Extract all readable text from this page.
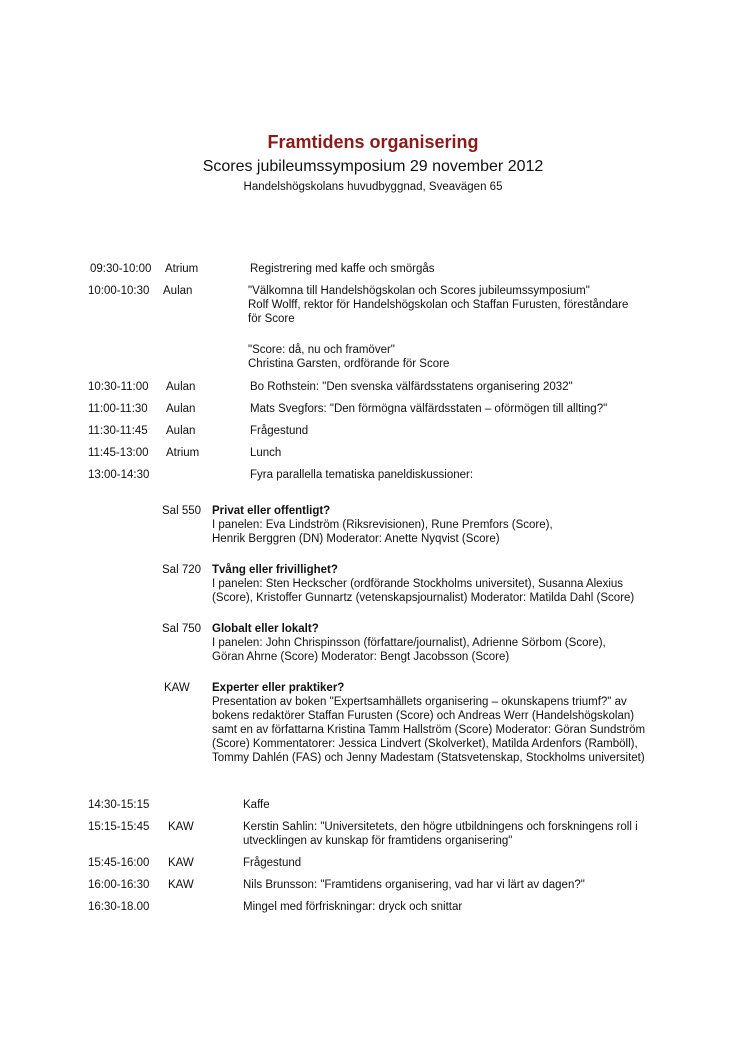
Framtidens organisering
Scores jubileumssymposium 29 november 2012
Handelshögskolans huvudbyggnad, Sveavägen 65
09:30-10:00 Atrium	Registrering med kaffe och smörgås
10:00-10:30 Aulan	"Välkomna till Handelshögskolan och Scores jubileumssymposium"
Rolf Wolff, rektor för Handelshögskolan och Staffan Furusten, föreståndare
för Score
"Score: då, nu och framöver"
Christina Garsten, ordförande för Score
10:30-11:00 Aulan	Bo Rothstein: "Den svenska välfärdsstatens organisering 2032"
11:00-11:30 Aulan	Mats Svegfors: "Den förmögna välfärdsstaten – oförmögen till allting?"
11:30-11:45 Aulan	Frågestund
11:45-13:00 Atrium	Lunch
13:00-14:30	Fyra parallella tematiska paneldiskussioner:
Sal 550 Privat eller offentligt?
I panelen: Eva Lindström (Riksrevisionen), Rune Premfors (Score),
Henrik Berggren (DN) Moderator: Anette Nyqvist (Score)
Sal 720 Tvång eller frivillighet?
I panelen: Sten Heckscher (ordförande Stockholms universitet), Susanna Alexius
(Score), Kristoffer Gunnartz (vetenskapsjournalist) Moderator: Matilda Dahl (Score)
Sal 750 Globalt eller lokalt?
I panelen: John Chrispinsson (författare/journalist), Adrienne Sörbom (Score),
Göran Ahrne (Score) Moderator: Bengt Jacobsson (Score)
KAW Experter eller praktiker?
Presentation av boken "Expertsamhällets organisering – okunskapens triumf?" av
bokens redaktörer Staffan Furusten (Score) och Andreas Werr (Handelshögskolan)
samt en av författarna Kristina Tamm Hallström (Score) Moderator: Göran Sundström
(Score) Kommentatorer: Jessica Lindvert (Skolverket), Matilda Ardenfors (Ramböll),
Tommy Dahlén (FAS) och Jenny Madestam (Statsvetenskap, Stockholms universitet)
14:30-15:15	Kaffe
15:15-15:45 KAW	Kerstin Sahlin: "Universitetets, den högre utbildningens och forskningens roll i
utvecklingen av kunskap för framtidens organisering"
15:45-16:00 KAW	Frågestund
16:00-16:30 KAW	Nils Brunsson: "Framtidens organisering, vad har vi lärt av dagen?"
16:30-18.00	Mingel med förfriskningar: dryck och snittar
